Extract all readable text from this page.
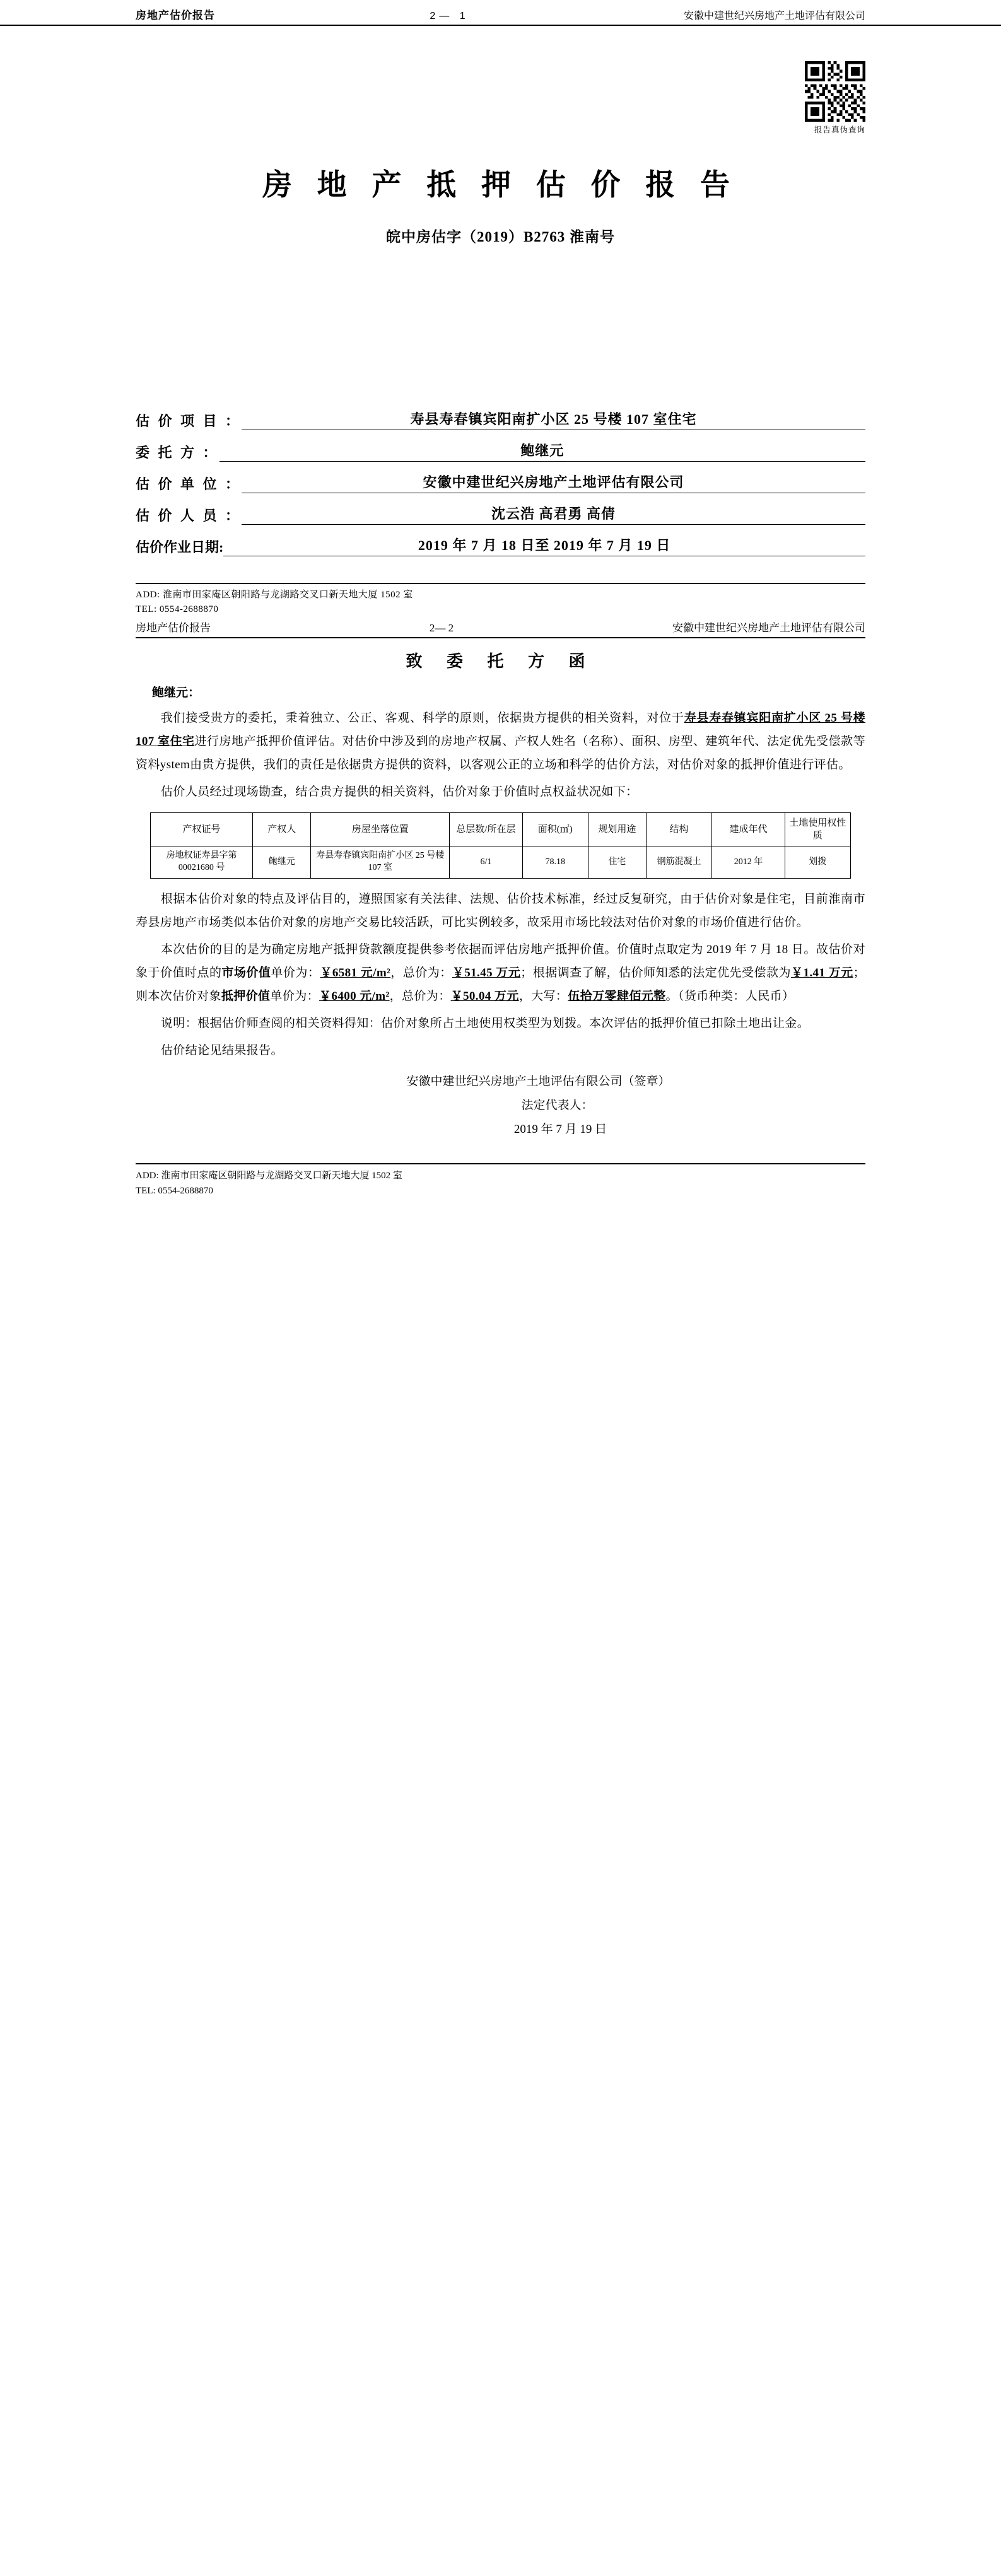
房地产估价报告	2— 1	安徽中建世纪兴房地产土地评估有限公司
报告真伪查询
房 地 产 抵 押 估 价 报 告
皖中房估字（2019）B2763 淮南号
估 价 项 目 ：	寿县寿春镇宾阳南扩小区 25 号楼 107 室住宅
委 托 方 ：	鲍继元
估 价 单 位 ：	安徽中建世纪兴房地产土地评估有限公司
估 价 人 员 ：	沈云浩 高君勇 高倩
估价作业日期:	2019 年 7 月 18 日至 2019 年 7 月 19 日
ADD: 淮南市田家庵区朝阳路与龙湖路交叉口新天地大厦 1502 室
TEL: 0554-2688870
房地产估价报告	2— 2	安徽中建世纪兴房地产土地评估有限公司
致 委 托 方 函
鲍继元：

我们接受贵方的委托，秉着独立、公正、客观、科学的原则，依据贵方提供的相关资料，对位于寿县寿春镇宾阳南扩小区 25 号楼 107 室住宅进行房地产抵押价值评估。对估价中涉及到的房地产权属、产权人姓名（名称）、面积、房型、建筑年代、法定优先受偿款等资料ystem由贵方提供，我们的责任是依据贵方提供的资料，以客观公正的立场和科学的估价方法，对估价对象的抵押价值进行评估。

估价人员经过现场勘查，结合贵方提供的相关资料，估价对象于价值时点权益状况如下：

产权证号	产权人	房屋坐落位置	总层数/所在层	面积(㎡)	规划用途	结构	建成年代	土地使用权性质
房地权证寿县字第 00021680 号	鲍继元	寿县寿春镇宾阳南扩小区 25 号楼 107 室	6/1	78.18	住宅	钢筋混凝土	2012 年	划拨

根据本估价对象的特点及评估目的，遵照国家有关法律、法规、估价技术标准，经过反复研究，由于估价对象是住宅，目前淮南市寿县房地产市场类似本估价对象的房地产交易比较活跃，可比实例较多，故采用市场比较法对估价对象的市场价值进行估价。

本次估价的目的是为确定房地产抵押贷款额度提供参考依据而评估房地产抵押价值。价值时点取定为 2019 年 7 月 18 日。故估价对象于价值时点的市场价值单价为：￥6581 元/m²，总价为：￥51.45 万元；根据调查了解，估价师知悉的法定优先受偿款为￥1.41 万元；则本次估价对象抵押价值单价为：￥6400 元/m²，总价为：￥50.04 万元，大写：伍拾万零肆佰元整。（货币种类：人民币）

说明：根据估价师查阅的相关资料得知：估价对象所占土地使用权类型为划拨。本次评估的抵押价值已扣除土地出让金。

估价结论见结果报告。

安徽中建世纪兴房地产土地评估有限公司（签章）
法定代表人：
2019 年 7 月 19 日
ADD: 淮南市田家庵区朝阳路与龙湖路交叉口新天地大厦 1502 室
TEL: 0554-2688870
